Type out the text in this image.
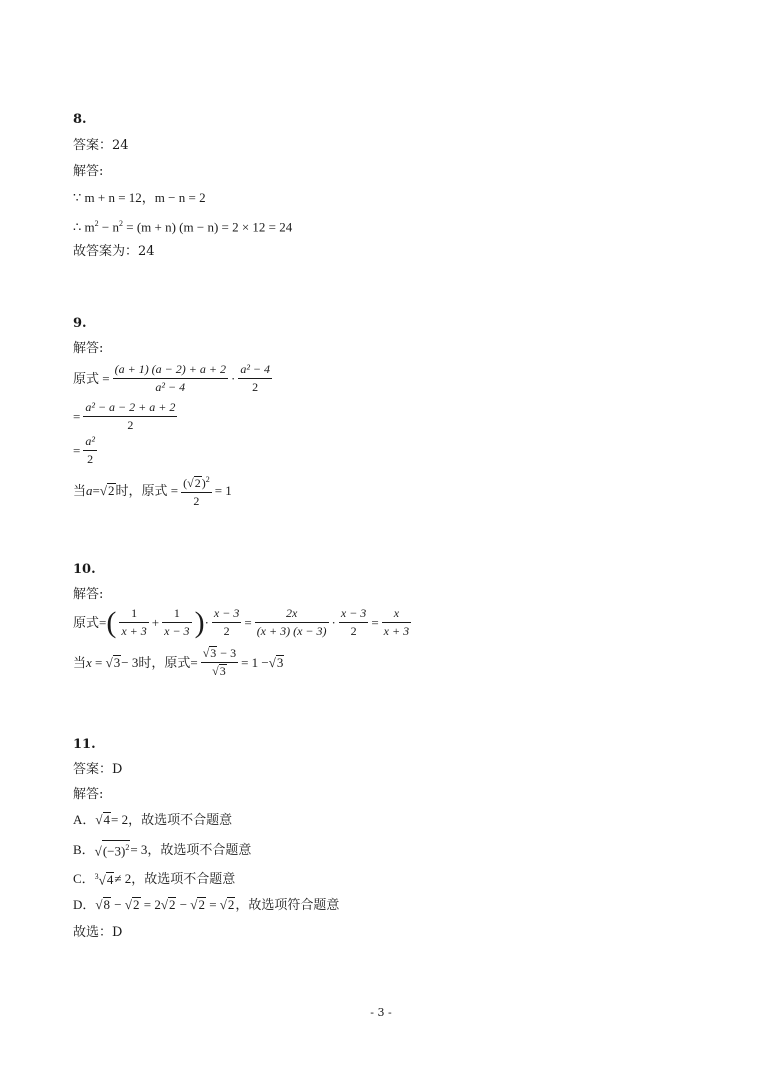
8.
答案：24
解答:
∵ m + n = 12，m − n = 2
∴ $m^2 - n^2 = (m + n) (m - n) = 2 \times 12 = 24$
故答案为：24
9.
解答:
原式 = $\frac{(a + 1) (a - 2) + a + 2}{\text{a² − 4}} \cdot \frac{\text{a² − 4}}{2}$
= $\frac{\text{a² − a − 2 + a + 2}}{2}$
= $\frac{\text{a²}}{2}$
当 a = √2 时，原式 = $\frac{(√2)^2}{2} = 1$
10.
解答:
原式= ( $\frac{1}{x + 3} + \frac{1}{x - 3}$ ) · $\frac{x - 3}{2} = \frac{2x}{(x + 3) (x - 3)} \cdot \frac{x - 3}{2} = \frac{x}{x + 3}$
当 x = √3 − 3时，原式= $\frac{√3 - 3}{√3} = 1 - √3$
11.
答案：D
解答:
A． √4 = 2，故选项不合题意
B． $√(-3)^2 = 3$，故选项不合题意
C． $^3$√4 ≠ 2，故选项不合题意
D． √8 − √2 = 2√2 − √2 = √2 ，故选项符合题意
故选：D
- 3 -
